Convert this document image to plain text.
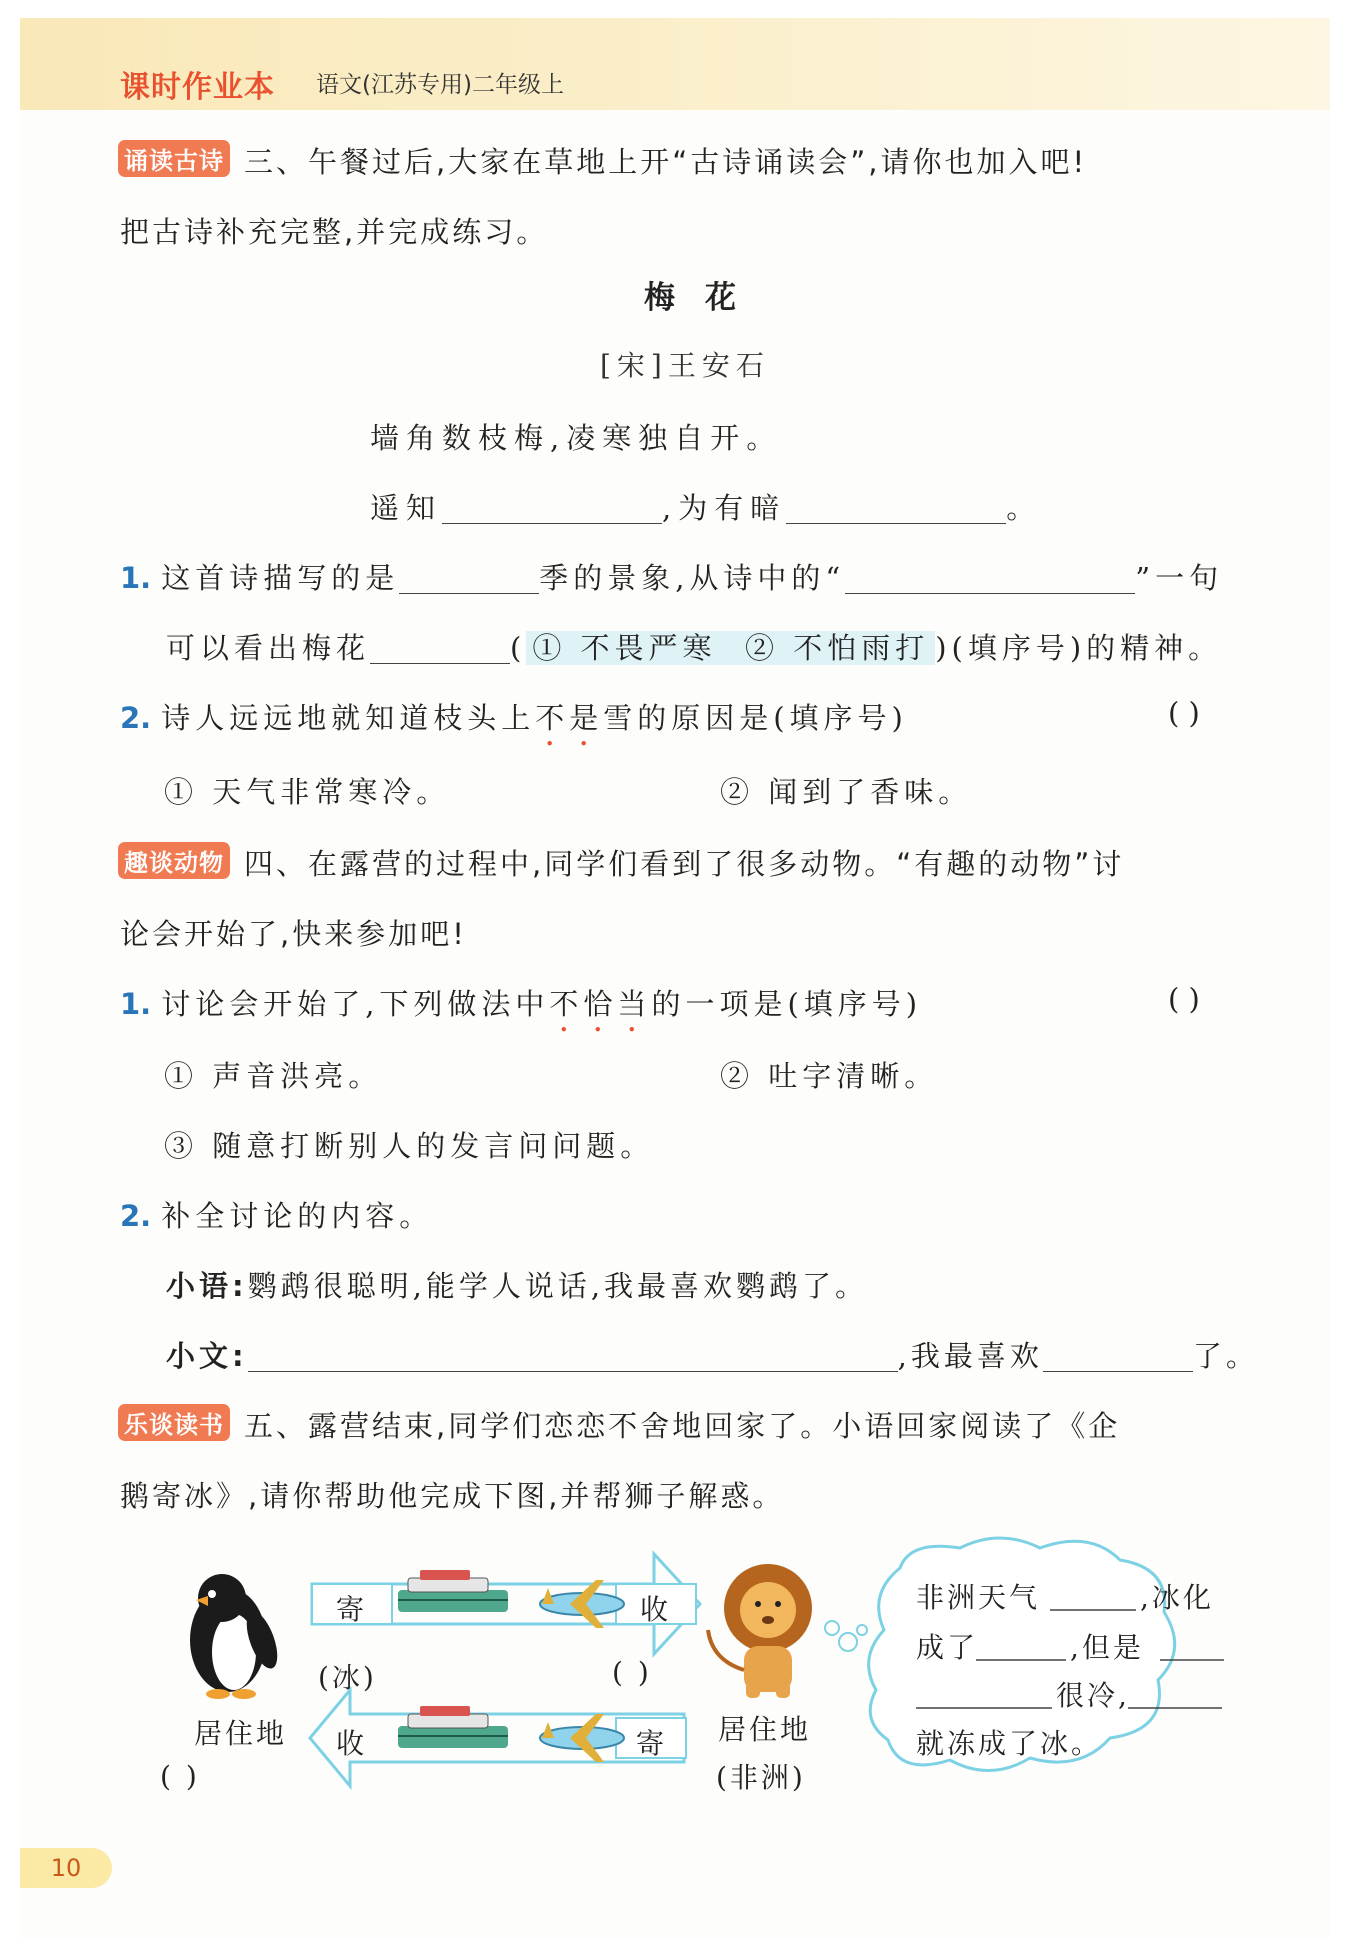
课时作业本 语文(江苏专用)二年级上
诵读古诗 三、午餐过后,大家在草地上开“古诗诵读会”,请你也加入吧!
把古诗补充完整,并完成练习。
梅花
[宋]王安石
墙角数枝梅,凌寒独自开。
遥知	,为有暗	。
1. 这首诗描写的是	季的景象,从诗中的“	”一句
可以看出梅花	( ① 不畏严寒 ② 不怕雨打 )(填序号)的精神。
2. 诗人远远地就知道枝头上不是雪的原因是(填序号)	( )
① 天气非常寒冷。	② 闻到了香味。
趣谈动物 四、在露营的过程中,同学们看到了很多动物。“有趣的动物”讨
论会开始了,快来参加吧!
1. 讨论会开始了,下列做法中不恰当的一项是(填序号)	( )
① 声音洪亮。	② 吐字清晰。
③ 随意打断别人的发言问问题。
2. 补全讨论的内容。
小语:鹦鹉很聪明,能学人说话,我最喜欢鹦鹉了。
小文:	,我最喜欢	了。
乐谈读书 五、露营结束,同学们恋恋不舍地回家了。小语回家阅读了《企
鹅寄冰》,请你帮助他完成下图,并帮狮子解惑。
寄	收
(冰)	( )
收	寄
居住地
( )
居住地
(非洲)
非洲天气	,冰化
成了	,但是
很冷,
就冻成了冰。
10
